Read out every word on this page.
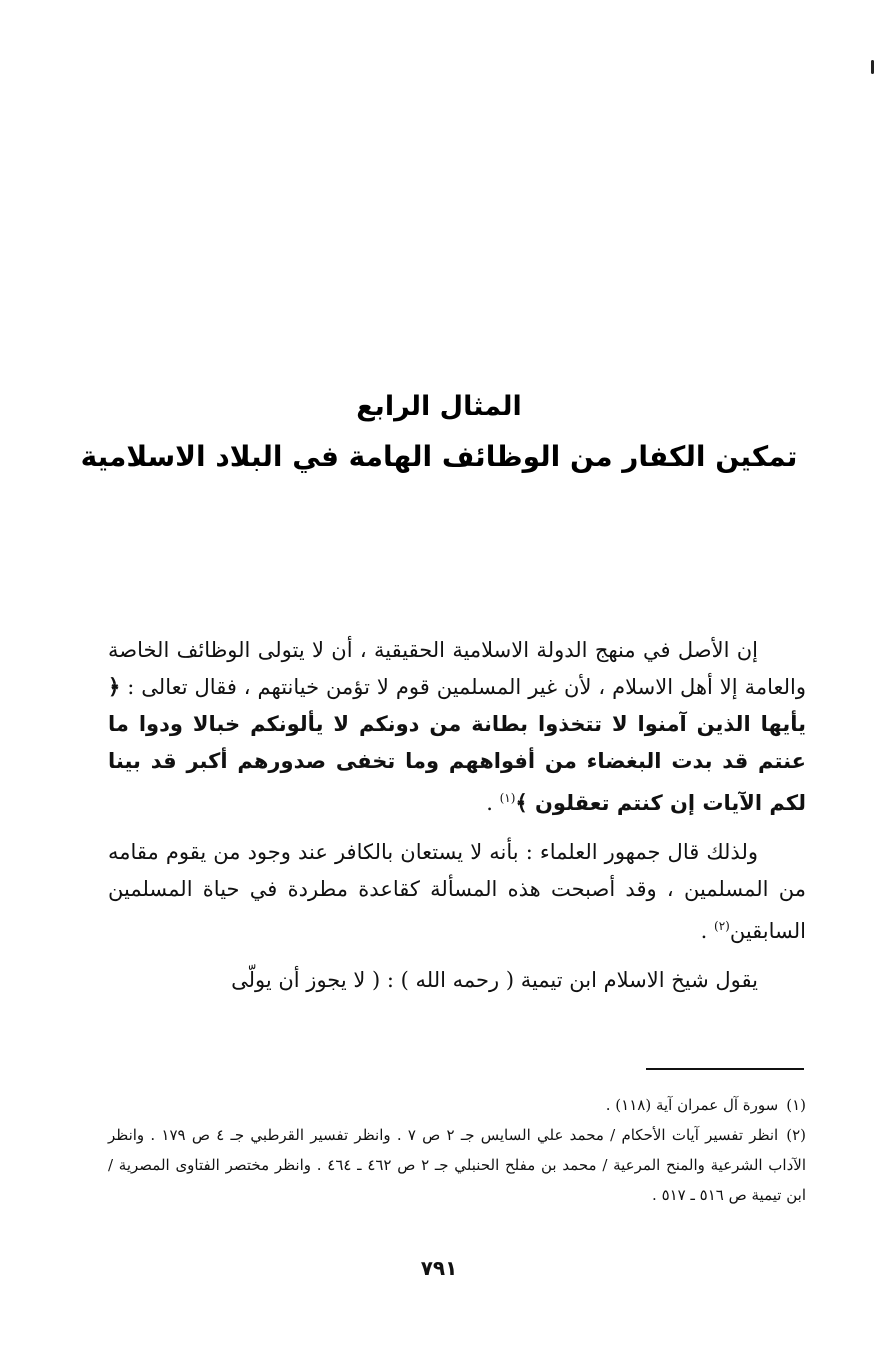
المثال الرابع
تمكين الكفار من الوظائف الهامة في البلاد الاسلامية

إن الأصل في منهج الدولة الاسلامية الحقيقية ، أن لا يتولى الوظائف الخاصة والعامة إلا أهل الاسلام ، لأن غير المسلمين قوم لا تؤمن خيانتهم ، فقال تعالى : ﴿ يأيها الذين آمنوا لا تتخذوا بطانة من دونكم لا يألونكم خبالا ودوا ما عنتم قد بدت البغضاء من أفواههم وما تخفى صدورهم أكبر قد بينا لكم الآيات إن كنتم تعقلون ﴾$^{(١)}$ .

ولذلك قال جمهور العلماء : بأنه لا يستعان بالكافر عند وجود من يقوم مقامه من المسلمين ، وقد أصبحت هذه المسألة كقاعدة مطردة في حياة المسلمين السابقين$^{(٢)}$ .

يقول شيخ الاسلام ابن تيمية ( رحمه الله ) : ( لا يجوز أن يولّى

(١)سورة آل عمران آية (١١٨) .

(٢)انظر تفسير آيات الأحكام / محمد علي السايس جـ ٢ ص ٧ . وانظر تفسير القرطبي جـ ٤ ص ١٧٩ . وانظر الآداب الشرعية والمنح المرعية / محمد بن مفلح الحنبلي جـ ٢ ص ٤٦٢ ـ ٤٦٤ . وانظر مختصر الفتاوى المصرية / ابن تيمية ص ٥١٦ ـ ٥١٧ .

٧٩١
